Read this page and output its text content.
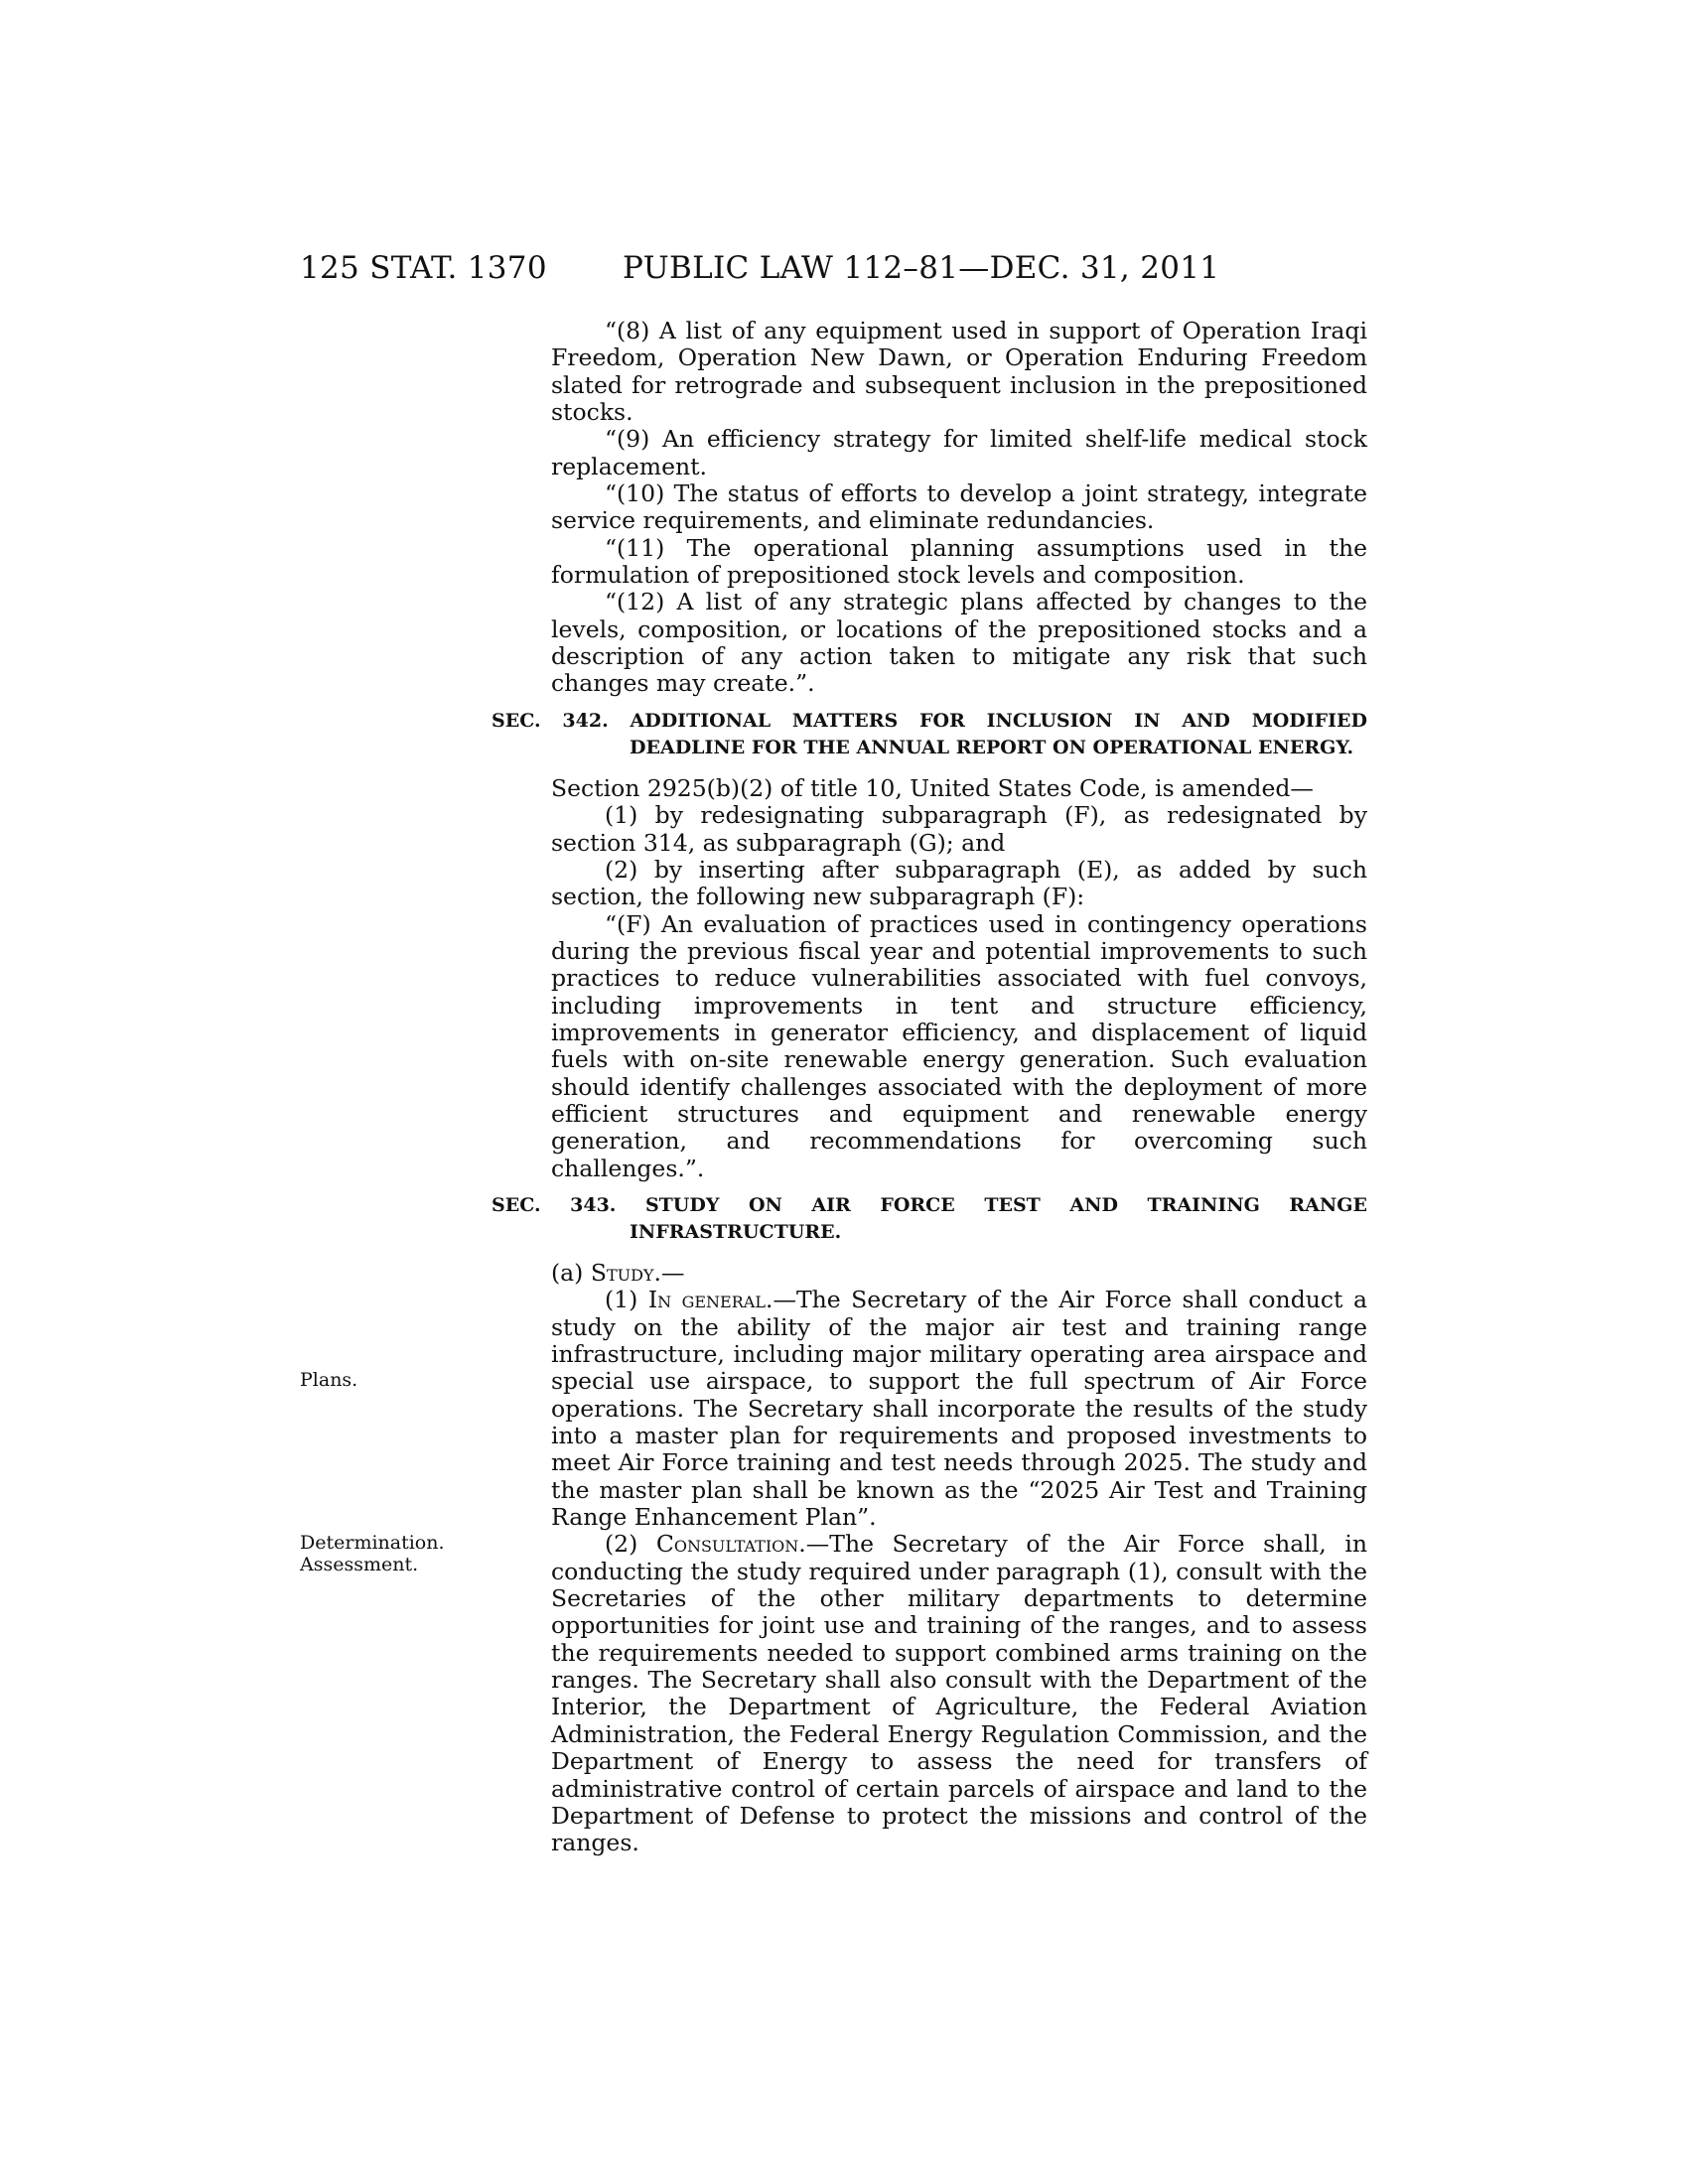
125 STAT. 1370 PUBLIC LAW 112–81—DEC. 31, 2011
Plans.
Determination.
Assessment.

“(8) A list of any equipment used in support of Operation Iraqi Freedom, Operation New Dawn, or Operation Enduring Freedom slated for retrograde and subsequent inclusion in the prepositioned stocks.

“(9) An efficiency strategy for limited shelf-life medical stock replacement.

“(10) The status of efforts to develop a joint strategy, integrate service requirements, and eliminate redundancies.

“(11) The operational planning assumptions used in the formulation of prepositioned stock levels and composition.

“(12) A list of any strategic plans affected by changes to the levels, composition, or locations of the prepositioned stocks and a description of any action taken to mitigate any risk that such changes may create.”.

SEC. 342. ADDITIONAL MATTERS FOR INCLUSION IN AND MODIFIED DEADLINE FOR THE ANNUAL REPORT ON OPERATIONAL ENERGY.

Section 2925(b)(2) of title 10, United States Code, is amended—

(1) by redesignating subparagraph (F), as redesignated by section 314, as subparagraph (G); and

(2) by inserting after subparagraph (E), as added by such section, the following new subparagraph (F):

“(F) An evaluation of practices used in contingency operations during the previous fiscal year and potential improvements to such practices to reduce vulnerabilities associated with fuel convoys, including improvements in tent and structure efficiency, improvements in generator efficiency, and displacement of liquid fuels with on-site renewable energy generation. Such evaluation should identify challenges associated with the deployment of more efficient structures and equipment and renewable energy generation, and recommendations for overcoming such challenges.”.

SEC. 343. STUDY ON AIR FORCE TEST AND TRAINING RANGE INFRASTRUCTURE.

(a) Study.—

(1) In general.—The Secretary of the Air Force shall conduct a study on the ability of the major air test and training range infrastructure, including major military operating area airspace and special use airspace, to support the full spectrum of Air Force operations. The Secretary shall incorporate the results of the study into a master plan for requirements and proposed investments to meet Air Force training and test needs through 2025. The study and the master plan shall be known as the “2025 Air Test and Training Range Enhancement Plan”.

(2) Consultation.—The Secretary of the Air Force shall, in conducting the study required under paragraph (1), consult with the Secretaries of the other military departments to determine opportunities for joint use and training of the ranges, and to assess the requirements needed to support combined arms training on the ranges. The Secretary shall also consult with the Department of the Interior, the Department of Agriculture, the Federal Aviation Administration, the Federal Energy Regulation Commission, and the Department of Energy to assess the need for transfers of administrative control of certain parcels of airspace and land to the Department of Defense to protect the missions and control of the ranges.
